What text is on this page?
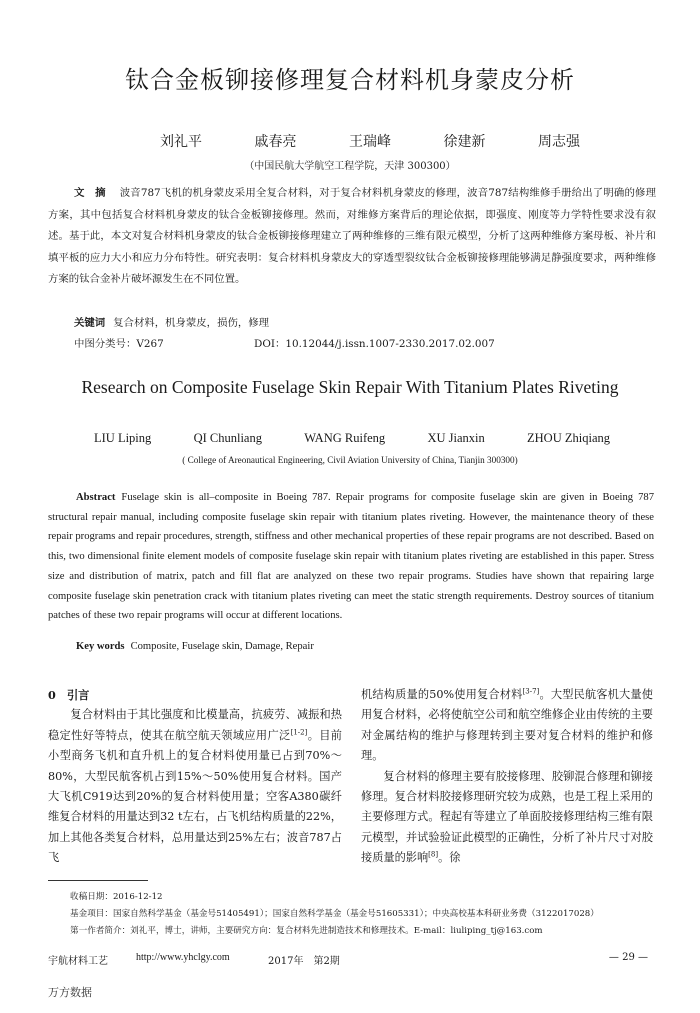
钛合金板铆接修理复合材料机身蒙皮分析
刘礼平	戚春亮	王瑞峰	徐建新	周志强
（中国民航大学航空工程学院，天津 300300）
文　摘 波音787飞机的机身蒙皮采用全复合材料，对于复合材料机身蒙皮的修理，波音787结构维修手册给出了明确的修理方案，其中包括复合材料机身蒙皮的钛合金板铆接修理。然而，对维修方案背后的理论依据，即强度、刚度等力学特性要求没有叙述。基于此，本文对复合材料机身蒙皮的钛合金板铆接修理建立了两种维修的三维有限元模型，分析了这两种维修方案母板、补片和填平板的应力大小和应力分布特性。研究表明：复合材料机身蒙皮大的穿透型裂纹钛合金板铆接修理能够满足静强度要求，两种维修方案的钛合金补片破坏源发生在不同位置。
关键词 复合材料，机身蒙皮，损伤，修理
中图分类号：V267	DOI：10.12044/j.issn.1007-2330.2017.02.007
Research on Composite Fuselage Skin Repair With Titanium Plates Riveting
LIU Liping	QI Chunliang	WANG Ruifeng	XU Jianxin	ZHOU Zhiqiang
( College of Areonautical Engineering, Civil Aviation University of China, Tianjin 300300)
Abstract Fuselage skin is all–composite in Boeing 787. Repair programs for composite fuselage skin are given in Boeing 787 structural repair manual, including composite fuselage skin repair with titanium plates riveting. However, the maintenance theory of these repair programs and repair procedures, strength, stiffness and other mechanical properties of these repair programs are not described. Based on this, two dimensional finite element models of composite fuselage skin repair with titanium plates riveting are established in this paper. Stress size and distribution of matrix, patch and fill flat are analyzed on these two repair programs. Studies have shown that repairing large composite fuselage skin penetration crack with titanium plates riveting can meet the static strength requirements. Destroy sources of titanium patches of these two repair programs will occur at different locations.
Key words Composite, Fuselage skin, Damage, Repair

0　引言

复合材料由于其比强度和比模量高，抗疲劳、减振和热稳定性好等特点，使其在航空航天领域应用广泛[1-2]。目前小型商务飞机和直升机上的复合材料使用量已占到70%～80%，大型民航客机占到15%～50%使用复合材料。国产大飞机C919达到20%的复合材料使用量；空客A380碳纤维复合材料的用量达到32 t左右，占飞机结构质量的22%，加上其他各类复合材料，总用量达到25%左右；波音787占飞

机结构质量的50%使用复合材料[3-7]。大型民航客机大量使用复合材料，必将使航空公司和航空维修企业由传统的主要对金属结构的维护与修理转到主要对复合材料的维护和修理。

复合材料的修理主要有胶接修理、胶铆混合修理和铆接修理。复合材料胶接修理研究较为成熟，也是工程上采用的主要修理方式。程起有等建立了单面胶接修理结构三维有限元模型，并试验验证此模型的正确性，分析了补片尺寸对胶接质量的影响[8]。徐

收稿日期：2016-12-12
基金项目：国家自然科学基金（基金号51405491）；国家自然科学基金（基金号51605331）；中央高校基本科研业务费（3122017028）
第一作者简介：刘礼平，博士，讲师，主要研究方向：复合材料先进制造技术和修理技术。E-mail：liuliping_tj@163.com
宇航材料工艺	http://www.yhclgy.com	2017年　第2期	— 29 —
万方数据
